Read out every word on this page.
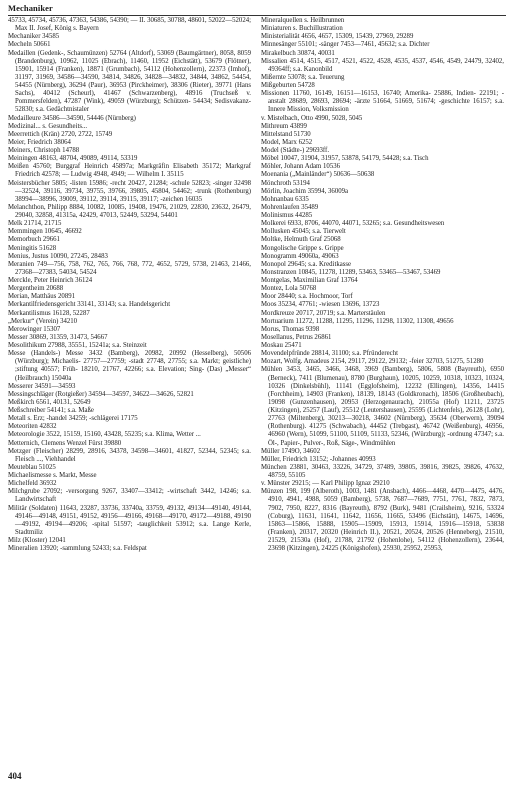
Mechaniker

45733, 45734, 45736, 47363, 54386, 54390; — II. 30685, 30788, 48601, 52022—52024; Max II. Josef, König s. Bayern

Mechaniker 34585

Mecheln 50661

Medaillen (Gedenk-, Schaumünzen) 52764 (Altdorf), 53069 (Baumgärtner), 8058, 8059 (Brandenburg), 10962, 11025 (Ebrach), 11460, 11952 (Eichstätt), 53679 (Flötner), 15901, 15914 (Franken), 18871 (Grumbach), 54112 (Hohenzollern), 22373 (Imhof), 31197, 31969, 34586—34590, 34814, 34826, 34828—34832, 34844, 34862, 54454, 54455 (Nürnberg), 36294 (Paur), 36953 (Pirckheimer), 38306 (Rieter), 39771 (Hans Sachs), 40412 (Scheurl), 41467 (Schwarzenberg), 48916 (Truchseß v. Pommersfelden), 47287 (Wink), 49059 (Würzburg); Schützen- 54434; Sedisvakanz- 52830; s.a. Gedächtnistaler

Medailleure 34586—34590, 54446 (Nürnberg)

Medizinal... s. Gesundheits...

Meerrettich (Krän) 2720, 2722, 15749

Meier, Friedrich 38064

Meiners, Christoph 14788

Meiningen 48163, 48704, 49089, 49114, 53319

Meißen 45760; Burggraf Heinrich 45897a; Markgräfin Elisabeth 35172; Markgraf Friedrich 42578; — Ludwig 4948, 4949; — Wilhelm I. 35115

Meistersbücher 5805; -listen 15986; -recht 20427, 21284; -schule 52823; -singer 32498—32524, 39116, 39734, 39755, 39766, 39805, 45804, 54462; -trunk (Rothenburg) 38994—38996, 39009, 39112, 39114, 39115, 39117; -zeichen 16035

Melanchthon, Philipp 8884, 10082, 10085, 19408, 19476, 21029, 22830, 23632, 26479, 29040, 32858, 41315a, 42429, 47013, 52449, 53294, 54401

Melk 21714, 21715

Memmingen 10645, 46692

Memorbuch 29661

Meningitis 51628

Menius, Justus 10090, 27245, 28483

Meranien 749—756, 758, 762, 765, 766, 768, 772, 4652, 5729, 5738, 21463, 21466, 27368—27383, 54034, 54524

Merckle, Peter Heinrich 36124

Mergentheim 20688

Merian, Matthäus 20891

Merkantilfriedensgericht 33141, 33143; s.a. Handelsgericht

Merkantilismus 16128, 52287

„Merkur“ (Verein) 34210

Merowinger 15307

Messer 30869, 31359, 31473, 54667

Mesolithikum 27988, 35551, 15241a; s.a. Steinzeit

Messe (Handels-) Messe 3432 (Bamberg), 20982, 20992 (Hesselberg), 50506 (Würzburg); Michaelis- 27757—27759; -stadt 27748, 27755; s.a. Markt; geistliche) ;stiftung 40557; Früh- 18210, 21767, 42266; s.a. Elevation; Sing- (Das) „Messer“ (Heilbrauch) 15040a

Messerer 34591—34593

Messingschläger (Rotgießer) 34594—34597, 34622—34626, 52821

Meßkirch 6561, 40131, 52649

Meßschreiber 54141; s.a. Maße

Metall s. Erz; -handel 34259; -schlägerei 17175

Meteoriten 42832

Meteorologie 3522, 15159, 15160, 43428, 55235; s.a. Klima, Wetter ...

Metternich, Clemens Wenzel Fürst 39880

Metzger (Fleischer) 28299, 28916, 34378, 34598—34601, 41827, 52344, 52345; s.a. Fleisch ..., Viehhandel

Meuteblau 51025

Michaelismesse s. Markt, Messe

Michelfeld 36932

Milchgrube 27092; -versorgung 9267, 33407—33412; -wirtschaft 3442, 14246; s.a. Landwirtschaft

Militär (Soldaten) 11643, 23287, 33736, 33740a, 33759, 49132, 49134—49140, 49144, 49146—49148, 49151, 49152, 49156—49166, 49168—49170, 49172—49188, 49190—49192, 49194—49206; -spital 51597; -tauglichkeit 53912; s.a. Lange Kerle, Stadtmiliz

Milz (Kloster) 12041

Mineralien 13920; -sammlung 52433; s.a. Feldspat

Mineralquellen s. Heilbrunnen

Miniaturen s. Buchillustration

Ministerialität 4656, 4657, 15309, 15439, 27969, 29289

Minnesänger 55101; -sänger 7453—7461, 45632; s.a. Dichter

Mirakelbuch 30874, 40031

Missalien 4514, 4515, 4517, 4521, 4522, 4528, 4535, 4537, 4546, 4549, 24479, 32402, 49364ff; s.a. Kanonbild

Mißernte 53078; s.a. Teuerung

Mißgeburten 54728

Missionen 11760, 16149, 16151—16153, 16740; Amerika- 25886, Indien- 22191; -anstalt 28689, 28693, 28694; -ärzte 51664, 51669, 51674; -geschichte 16157; s.a. Innere Mission, Volksmission

v. Mistelbach, Otto 4990, 5028, 5045

Mithreum 43899

Mittelstand 51730

Model, Marx 6252

Model (Städte-) 29693ff.

Möbel 10047, 31904, 31957, 53878, 54179, 54428; s.a. Tisch

Möhler, Johann Adam 10536

Moenania („Mainländer“) 50636—50638

Mönchroth 53194

Mörlin, Joachim 35994, 36009a

Mohnanbau 6335

Mohrenlaufen 35489

Molinismus 44285

Molkerei 6933, 8706, 44070, 44071, 53265; s.a. Gesundheitswesen

Mollusken 45045; s.a. Tierwelt

Moltke, Helmuth Graf 25068

Mongolische Grippe s. Grippe

Monogramm 49060a, 49063

Monopol 29645; s.a. Kreditkasse

Monstranzen 10845, 11278, 11289, 53463, 53465—53467, 53469

Montgelas, Maximilian Graf 13764

Montez, Lola 50768

Moor 28440; s.a. Hochmoor, Torf

Moos 35234, 47761; -wiesen 13696, 13723

Mordkreuze 20717, 20719; s.a. Marterstäulen

Mortuarium 11272, 11288, 11295, 11296, 11298, 11302, 11308, 49656

Morus, Thomas 9398

Mosellanus, Petrus 26861

Moskau 25471

Movendelpfründe 28814, 31100; s.a. Pfründerecht

Mozart, Wolfg. Amadeus 2154, 29117, 29122, 29132; -feier 32703, 51275, 51280

Mühlen 3453, 3465, 3466, 3468, 3969 (Bamberg), 5806, 5808 (Bayreuth), 6950 (Berneck), 7411 (Blumenau), 8780 (Burghaun), 10205, 10259, 10318, 10323, 10324, 10326 (Dinkelsbühl), 11141 (Egglofsheim), 12232 (Ellingen), 14356, 14415 (Forchheim), 14903 (Franken), 18139, 18143 (Goldkronach), 18506 (Großheubach), 19098 (Gunzenhausen), 20953 (Herzogenaurach), 21055a (Hof) 11211, 23725 (Kitzingen), 25257 (Lauf), 25512 (Leutershausen), 25595 (Lichtenfels), 26128 (Lohr), 27763 (Miltenberg), 30213—30218, 34602 (Nürnberg), 35634 (Oberwern), 39094 (Rothenburg). 41275 (Schwabach), 44452 (Trebgast), 46742 (Weißenburg), 46956, 46960 (Wern), 51099, 51100, 51109, 51133, 52346, (Würzburg); -ordnung 47347; s.a. Öl-, Papier-, Pulver-, Roß, Säge-, Windmühlen

Müller 1749O, 34602

Müller, Friedrich 13152; -Johannes 40993

München 23881, 30463, 33226, 34729, 37489, 39805, 39816, 39825, 39826, 47632, 48759, 55105

v. Münster 29215; — Karl Philipp Ignaz 29210

Münzen 198, 199 (Alberoth), 1003, 1481 (Ansbach), 4466—4468, 4470—4475, 4476, 4910, 4941, 4988, 5059 (Bamberg), 5738, 7687—7689, 7751, 7761, 7832, 7873, 7902, 7950, 8227, 8316 (Bayreuth), 8792 (Burk), 9481 (Crailsheim), 9216, 53324 (Coburg), 11631, 11641, 11642, 11656, 11665, 53496 (Eichstätt), 14675, 14696, 15863—15866, 15888, 15905—15909, 15913, 15914, 15916—15918, 53838 (Franken), 20317, 20320 (Heinrich II.), 20521, 20524, 20526 (Henneberg), 21510, 21529, 21530a (Hof), 21788, 21792 (Hohenlohe), 54112 (Hohenzollern), 23644, 23698 (Kitzingen), 24225 (Königshofen), 25930, 25952, 25953,

404
